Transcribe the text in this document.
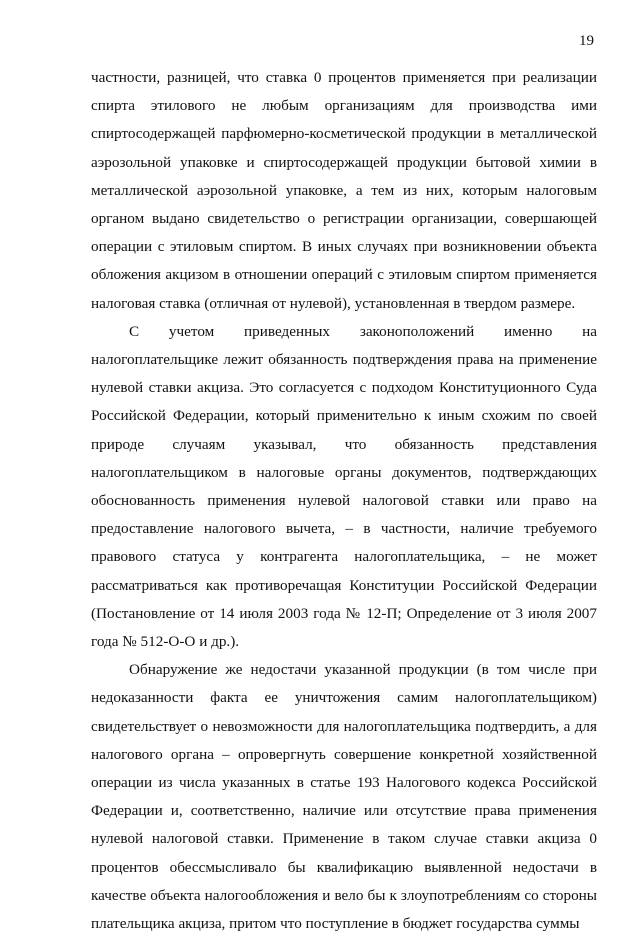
19

частности, разницей, что ставка 0 процентов применяется при реализации спирта этилового не любым организациям для производства ими спиртосодержащей парфюмерно-косметической продукции в металлической аэрозольной упаковке и спиртосодержащей продукции бытовой химии в металлической аэрозольной упаковке, а тем из них, которым налоговым органом выдано свидетельство о регистрации организации, совершающей операции с этиловым спиртом. В иных случаях при возникновении объекта обложения акцизом в отношении операций с этиловым спиртом применяется налоговая ставка (отличная от нулевой), установленная в твердом размере.

С учетом приведенных законоположений именно на налогоплательщике лежит обязанность подтверждения права на применение нулевой ставки акциза. Это согласуется с подходом Конституционного Суда Российской Федерации, который применительно к иным схожим по своей природе случаям указывал, что обязанность представления налогоплательщиком в налоговые органы документов, подтверждающих обоснованность применения нулевой налоговой ставки или право на предоставление налогового вычета, – в частности, наличие требуемого правового статуса у контрагента налогоплательщика, – не может рассматриваться как противоречащая Конституции Российской Федерации (Постановление от 14 июля 2003 года № 12-П; Определение от 3 июля 2007 года № 512-О-О и др.).

Обнаружение же недостачи указанной продукции (в том числе при недоказанности факта ее уничтожения самим налогоплательщиком) свидетельствует о невозможности для налогоплательщика подтвердить, а для налогового органа – опровергнуть совершение конкретной хозяйственной операции из числа указанных в статье 193 Налогового кодекса Российской Федерации и, соответственно, наличие или отсутствие права применения нулевой налоговой ставки. Применение в таком случае ставки акциза 0 процентов обессмысливало бы квалификацию выявленной недостачи в качестве объекта налогообложения и вело бы к злоупотреблениям со стороны плательщика акциза, притом что поступление в бюджет государства суммы
